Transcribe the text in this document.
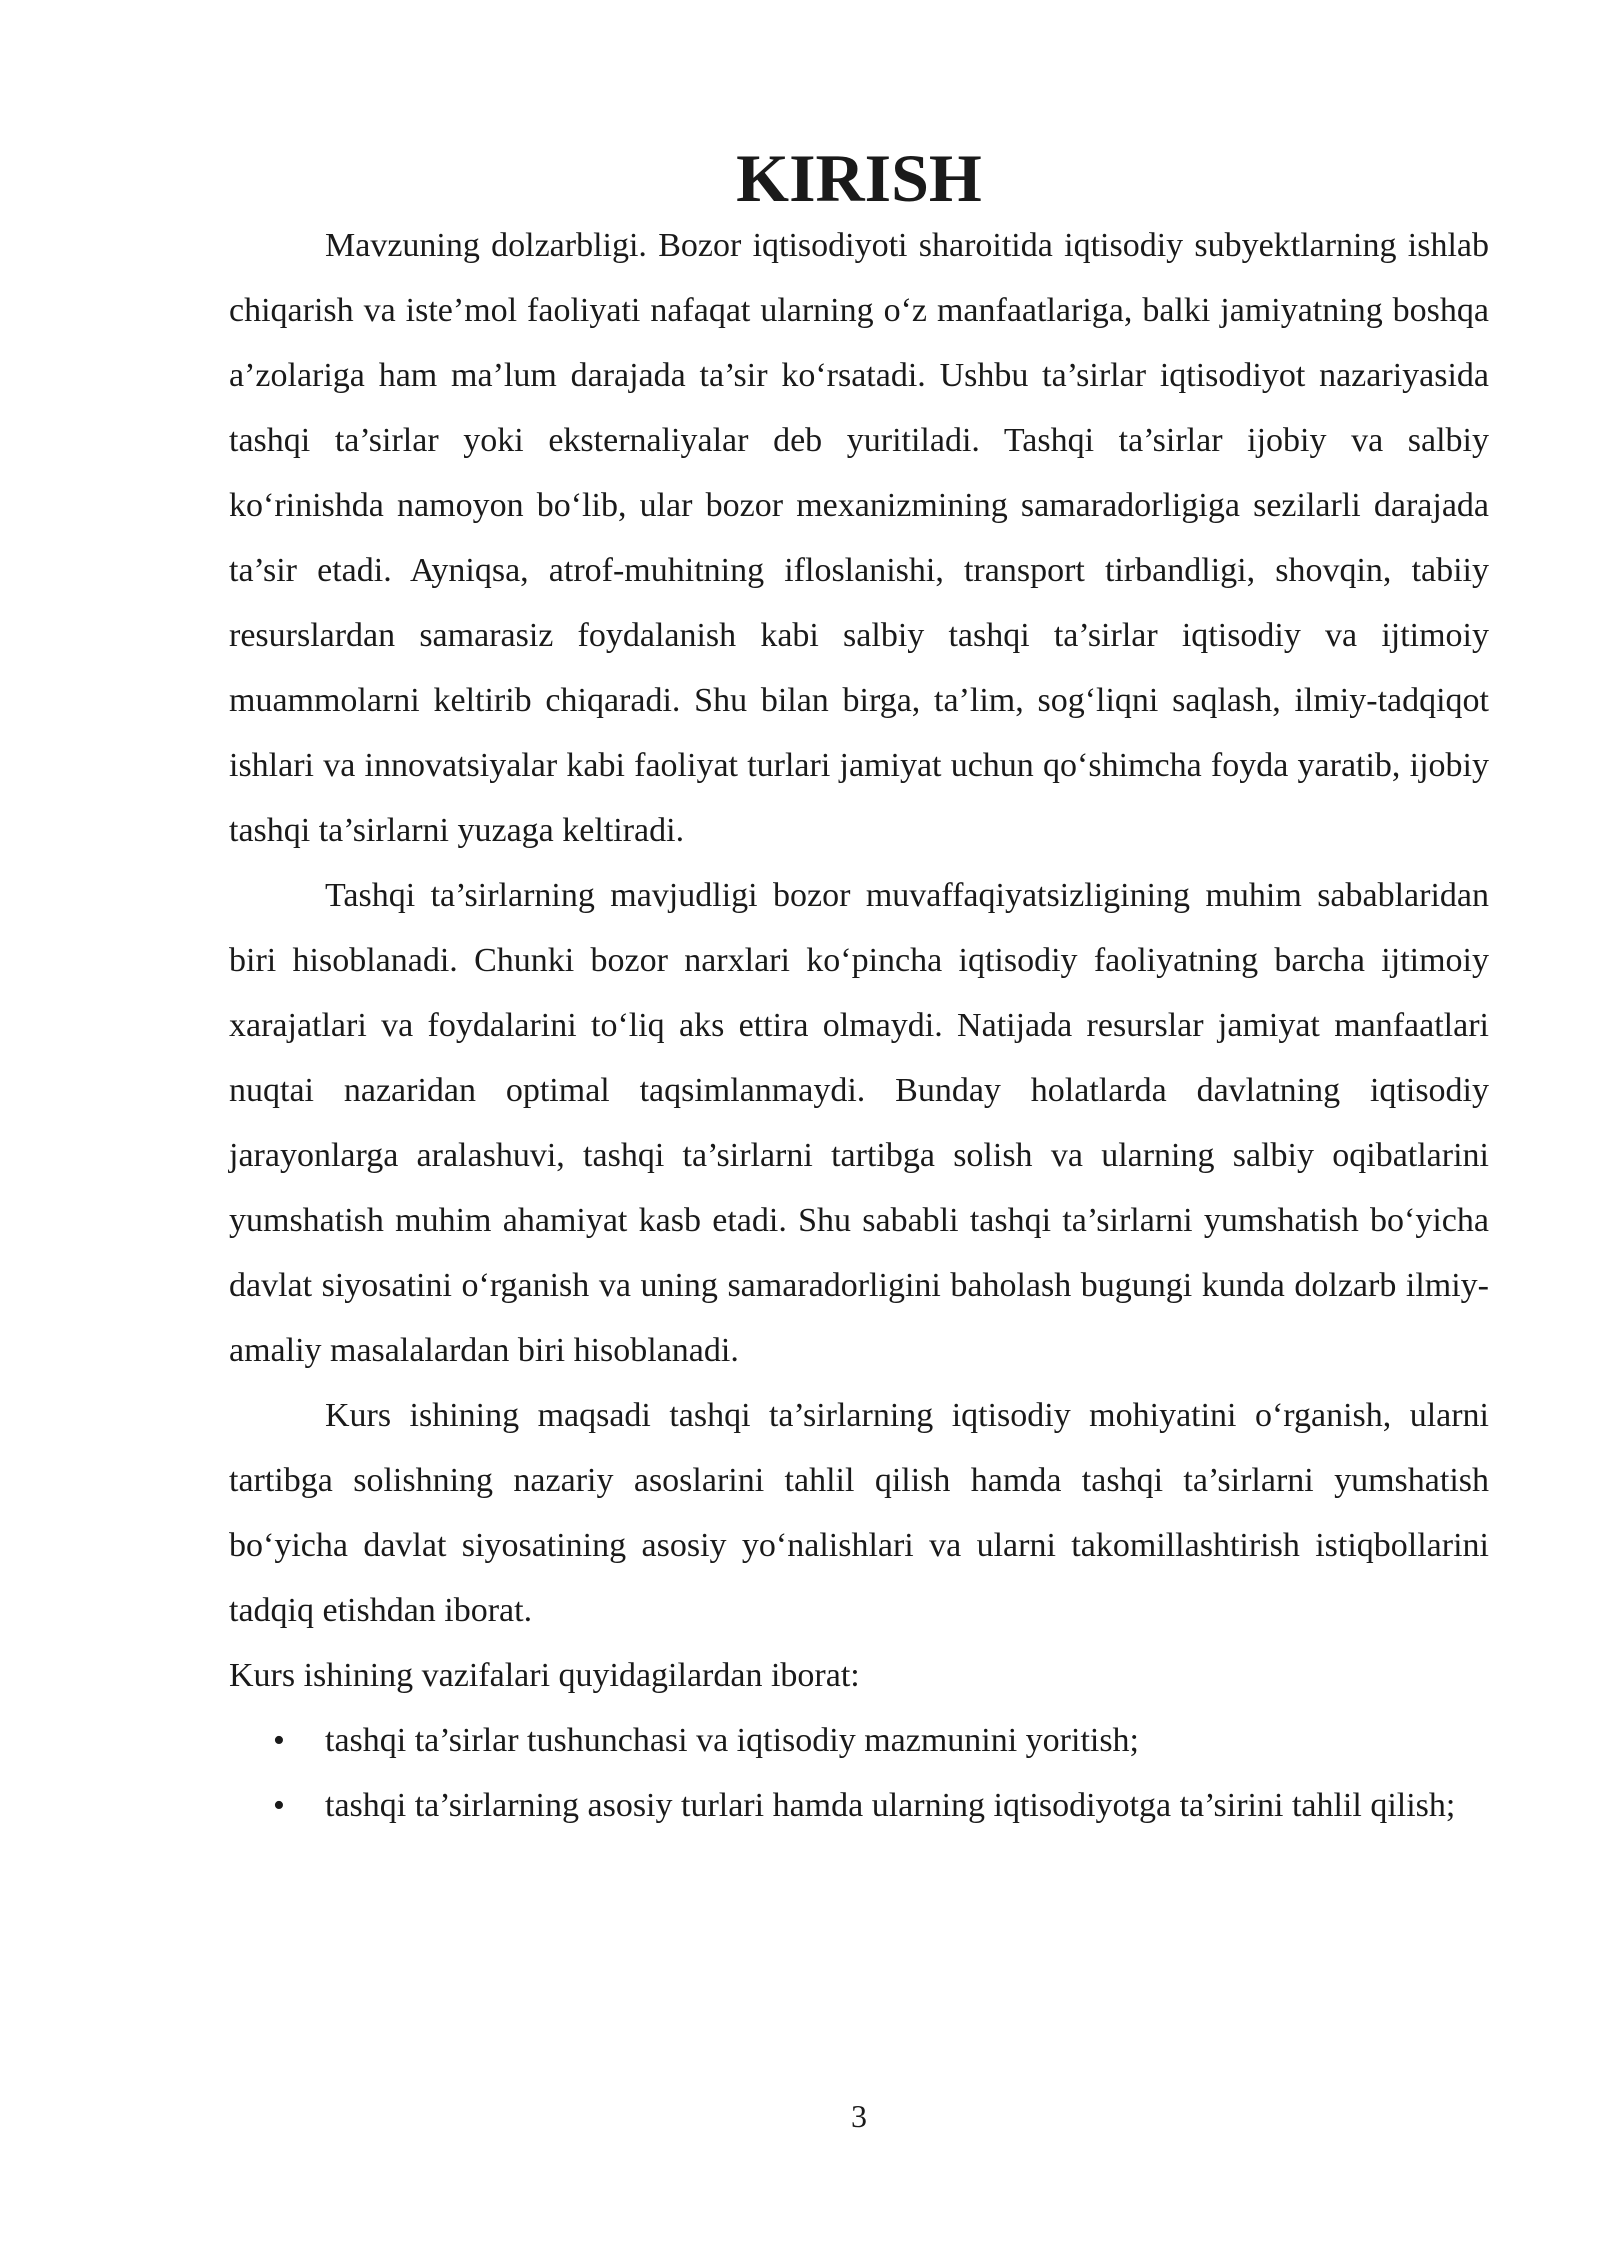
KIRISH

Mavzuning dolzarbligi. Bozor iqtisodiyoti sharoitida iqtisodiy subyektlarning ishlab chiqarish va iste’mol faoliyati nafaqat ularning o‘z manfaatlariga, balki jamiyatning boshqa a’zolariga ham ma’lum darajada ta’sir ko‘rsatadi. Ushbu ta’sirlar iqtisodiyot nazariyasida tashqi ta’sirlar yoki eksternaliyalar deb yuritiladi. Tashqi ta’sirlar ijobiy va salbiy ko‘rinishda namoyon bo‘lib, ular bozor mexanizmining samaradorligiga sezilarli darajada ta’sir etadi. Ayniqsa, atrof-muhitning ifloslanishi, transport tirbandligi, shovqin, tabiiy resurslardan samarasiz foydalanish kabi salbiy tashqi ta’sirlar iqtisodiy va ijtimoiy muammolarni keltirib chiqaradi. Shu bilan birga, ta’lim, sog‘liqni saqlash, ilmiy-tadqiqot ishlari va innovatsiyalar kabi faoliyat turlari jamiyat uchun qo‘shimcha foyda yaratib, ijobiy tashqi ta’sirlarni yuzaga keltiradi.

Tashqi ta’sirlarning mavjudligi bozor muvaffaqiyatsizligining muhim sabablaridan biri hisoblanadi. Chunki bozor narxlari ko‘pincha iqtisodiy faoliyatning barcha ijtimoiy xarajatlari va foydalarini to‘liq aks ettira olmaydi. Natijada resurslar jamiyat manfaatlari nuqtai nazaridan optimal taqsimlanmaydi. Bunday holatlarda davlatning iqtisodiy jarayonlarga aralashuvi, tashqi ta’sirlarni tartibga solish va ularning salbiy oqibatlarini yumshatish muhim ahamiyat kasb etadi. Shu sababli tashqi ta’sirlarni yumshatish bo‘yicha davlat siyosatini o‘rganish va uning samaradorligini baholash bugungi kunda dolzarb ilmiy-amaliy masalalardan biri hisoblanadi.

Kurs ishining maqsadi tashqi ta’sirlarning iqtisodiy mohiyatini o‘rganish, ularni tartibga solishning nazariy asoslarini tahlil qilish hamda tashqi ta’sirlarni yumshatish bo‘yicha davlat siyosatining asosiy yo‘nalishlari va ularni takomillashtirish istiqbollarini tadqiq etishdan iborat.

Kurs ishining vazifalari quyidagilardan iborat:

• tashqi ta’sirlar tushunchasi va iqtisodiy mazmunini yoritish;
• tashqi ta’sirlarning asosiy turlari hamda ularning iqtisodiyotga ta’sirini tahlil qilish;
3
